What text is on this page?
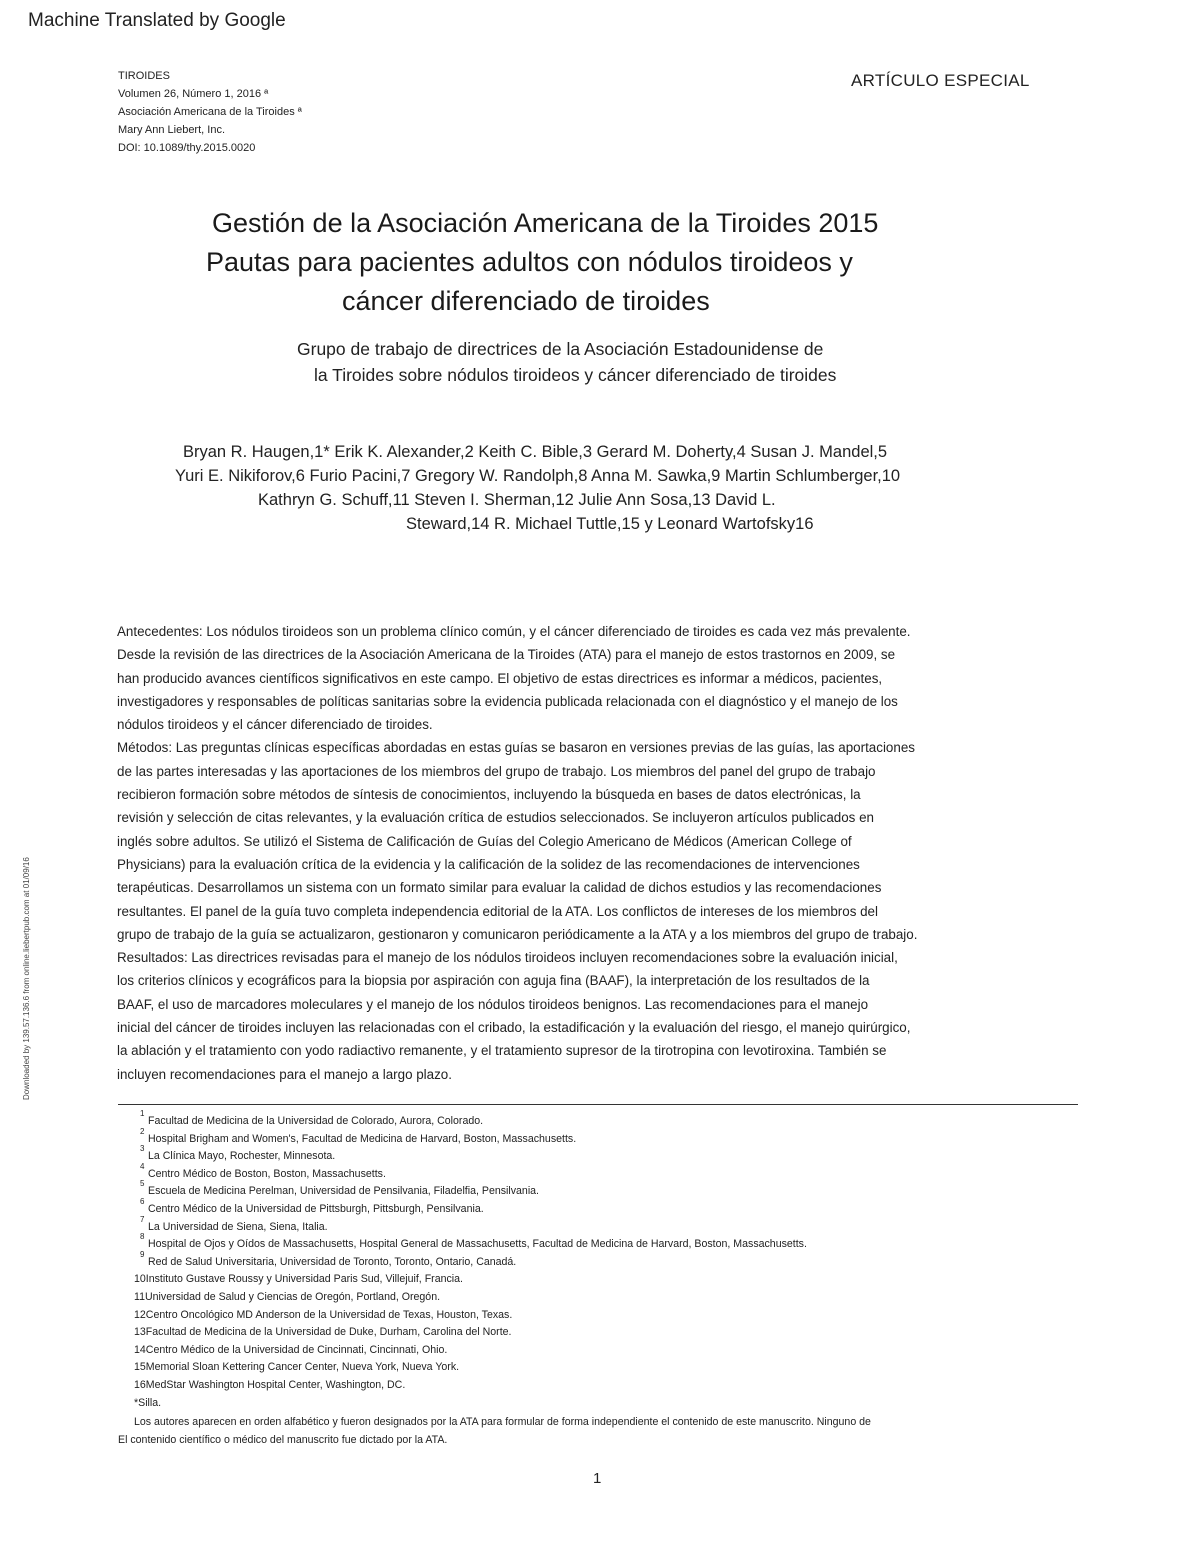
Machine Translated by Google
TIROIDES
Volumen 26, Número 1, 2016 ª
Asociación Americana de la Tiroides ª
Mary Ann Liebert, Inc.
DOI: 10.1089/thy.2015.0020
ARTÍCULO ESPECIAL
Gestión de la Asociación Americana de la Tiroides 2015
Pautas para pacientes adultos con nódulos tiroideos y
cáncer diferenciado de tiroides
Grupo de trabajo de directrices de la Asociación Estadounidense de
la Tiroides sobre nódulos tiroideos y cáncer diferenciado de tiroides
Bryan R. Haugen,1* Erik K. Alexander,2 Keith C. Bible,3 Gerard M. Doherty,4 Susan J. Mandel,5
Yuri E. Nikiforov,6 Furio Pacini,7 Gregory W. Randolph,8 Anna M. Sawka,9 Martin Schlumberger,10
Kathryn G. Schuff,11 Steven I. Sherman,12 Julie Ann Sosa,13 David L.
Steward,14 R. Michael Tuttle,15 y Leonard Wartofsky16
Antecedentes: Los nódulos tiroideos son un problema clínico común, y el cáncer diferenciado de tiroides es cada vez más prevalente.
Desde la revisión de las directrices de la Asociación Americana de la Tiroides (ATA) para el manejo de estos trastornos en 2009, se
han producido avances científicos significativos en este campo. El objetivo de estas directrices es informar a médicos, pacientes,
investigadores y responsables de políticas sanitarias sobre la evidencia publicada relacionada con el diagnóstico y el manejo de los
nódulos tiroideos y el cáncer diferenciado de tiroides.
Métodos: Las preguntas clínicas específicas abordadas en estas guías se basaron en versiones previas de las guías, las aportaciones
de las partes interesadas y las aportaciones de los miembros del grupo de trabajo. Los miembros del panel del grupo de trabajo
recibieron formación sobre métodos de síntesis de conocimientos, incluyendo la búsqueda en bases de datos electrónicas, la
revisión y selección de citas relevantes, y la evaluación crítica de estudios seleccionados. Se incluyeron artículos publicados en
inglés sobre adultos. Se utilizó el Sistema de Calificación de Guías del Colegio Americano de Médicos (American College of
Physicians) para la evaluación crítica de la evidencia y la calificación de la solidez de las recomendaciones de intervenciones
terapéuticas. Desarrollamos un sistema con un formato similar para evaluar la calidad de dichos estudios y las recomendaciones
resultantes. El panel de la guía tuvo completa independencia editorial de la ATA. Los conflictos de intereses de los miembros del
grupo de trabajo de la guía se actualizaron, gestionaron y comunicaron periódicamente a la ATA y a los miembros del grupo de trabajo.
Resultados: Las directrices revisadas para el manejo de los nódulos tiroideos incluyen recomendaciones sobre la evaluación inicial,
los criterios clínicos y ecográficos para la biopsia por aspiración con aguja fina (BAAF), la interpretación de los resultados de la
BAAF, el uso de marcadores moleculares y el manejo de los nódulos tiroideos benignos. Las recomendaciones para el manejo
inicial del cáncer de tiroides incluyen las relacionadas con el cribado, la estadificación y la evaluación del riesgo, el manejo quirúrgico,
la ablación y el tratamiento con yodo radiactivo remanente, y el tratamiento supresor de la tirotropina con levotiroxina. También se
incluyen recomendaciones para el manejo a largo plazo.
Downloaded by 139.57.136.6 from online.liebertpub.com at 01/09/16
1
Facultad de Medicina de la Universidad de Colorado, Aurora, Colorado.
2
Hospital Brigham and Women's, Facultad de Medicina de Harvard, Boston, Massachusetts.
3
La Clínica Mayo, Rochester, Minnesota.
4
Centro Médico de Boston, Boston, Massachusetts.
5
Escuela de Medicina Perelman, Universidad de Pensilvania, Filadelfia, Pensilvania.
6
Centro Médico de la Universidad de Pittsburgh, Pittsburgh, Pensilvania.
7
La Universidad de Siena, Siena, Italia.
8
Hospital de Ojos y Oídos de Massachusetts, Hospital General de Massachusetts, Facultad de Medicina de Harvard, Boston, Massachusetts.
9
Red de Salud Universitaria, Universidad de Toronto, Toronto, Ontario, Canadá.
10Instituto Gustave Roussy y Universidad Paris Sud, Villejuif, Francia.
11Universidad de Salud y Ciencias de Oregón, Portland, Oregón.
12Centro Oncológico MD Anderson de la Universidad de Texas, Houston, Texas.
13Facultad de Medicina de la Universidad de Duke, Durham, Carolina del Norte.
14Centro Médico de la Universidad de Cincinnati, Cincinnati, Ohio.
15Memorial Sloan Kettering Cancer Center, Nueva York, Nueva York.
16MedStar Washington Hospital Center, Washington, DC.
*Silla.
Los autores aparecen en orden alfabético y fueron designados por la ATA para formular de forma independiente el contenido de este manuscrito. Ninguno de
El contenido científico o médico del manuscrito fue dictado por la ATA.
1
